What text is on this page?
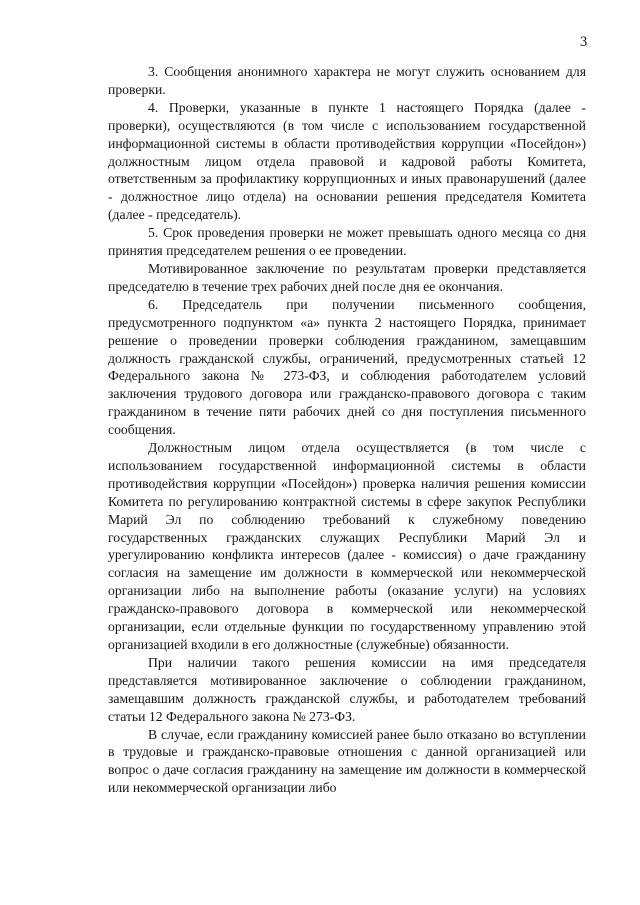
3

3. Сообщения анонимного характера не могут служить основанием для проверки.

4. Проверки, указанные в пункте 1 настоящего Порядка (далее - проверки), осуществляются (в том числе с использованием государственной информационной системы в области противодействия коррупции «Посейдон») должностным лицом отдела правовой и кадровой работы Комитета, ответственным за профилактику коррупционных и иных правонарушений (далее - должностное лицо отдела) на основании решения председателя Комитета (далее - председатель).

5. Срок проведения проверки не может превышать одного месяца со дня принятия председателем решения о ее проведении.

Мотивированное заключение по результатам проверки представляется председателю в течение трех рабочих дней после дня ее окончания.

6. Председатель при получении письменного сообщения, предусмотренного подпунктом «а» пункта 2 настоящего Порядка, принимает решение о проведении проверки соблюдения гражданином, замещавшим должность гражданской службы, ограничений, предусмотренных статьей 12 Федерального закона № 273-ФЗ, и соблюдения работодателем условий заключения трудового договора или гражданско-правового договора с таким гражданином в течение пяти рабочих дней со дня поступления письменного сообщения.

Должностным лицом отдела осуществляется (в том числе с использованием государственной информационной системы в области противодействия коррупции «Посейдон») проверка наличия решения комиссии Комитета по регулированию контрактной системы в сфере закупок Республики Марий Эл по соблюдению требований к служебному поведению государственных гражданских служащих Республики Марий Эл и урегулированию конфликта интересов (далее - комиссия) о даче гражданину согласия на замещение им должности в коммерческой или некоммерческой организации либо на выполнение работы (оказание услуги) на условиях гражданско-правового договора в коммерческой или некоммерческой организации, если отдельные функции по государственному управлению этой организацией входили в его должностные (служебные) обязанности.

При наличии такого решения комиссии на имя председателя представляется мотивированное заключение о соблюдении гражданином, замещавшим должность гражданской службы, и работодателем требований статьи 12 Федерального закона № 273-ФЗ.

В случае, если гражданину комиссией ранее было отказано во вступлении в трудовые и гражданско-правовые отношения с данной организацией или вопрос о даче согласия гражданину на замещение им должности в коммерческой или некоммерческой организации либо
